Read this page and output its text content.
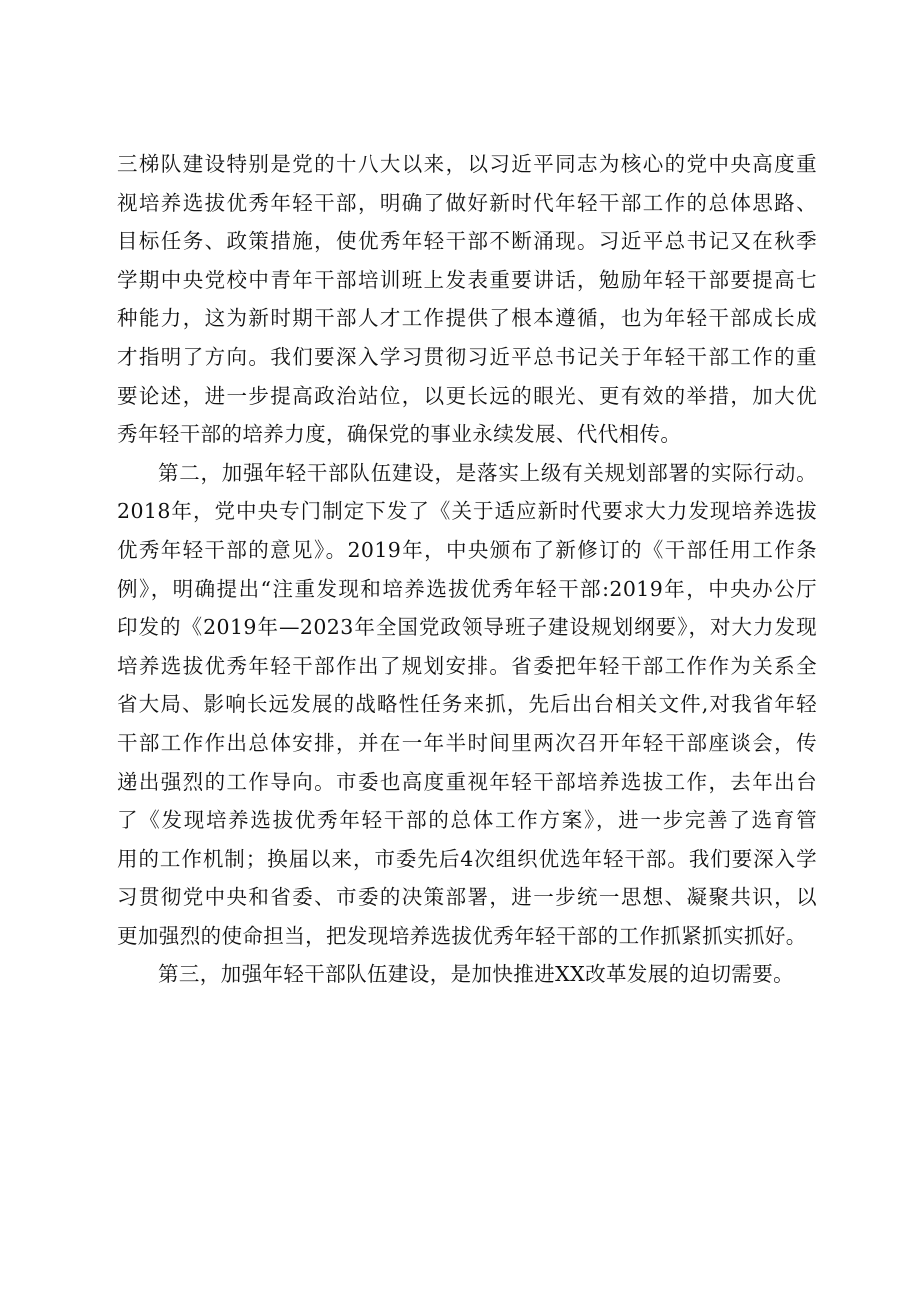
三梯队建设特别是党的十八大以来，以习近平同志为核心的党中央高度重
视培养选拔优秀年轻干部，明确了做好新时代年轻干部工作的总体思路、
目标任务、政策措施，使优秀年轻干部不断涌现。习近平总书记又在秋季
学期中央党校中青年干部培训班上发表重要讲话，勉励年轻干部要提高七
种能力，这为新时期干部人才工作提供了根本遵循，也为年轻干部成长成
才指明了方向。我们要深入学习贯彻习近平总书记关于年轻干部工作的重
要论述，进一步提高政治站位，以更长远的眼光、更有效的举措，加大优
秀年轻干部的培养力度，确保党的事业永续发展、代代相传。

第二，加强年轻干部队伍建设，是落实上级有关规划部署的实际行动。
2018年，党中央专门制定下发了《关于适应新时代要求大力发现培养选拔
优秀年轻干部的意见》。2019年，中央颁布了新修订的《干部任用工作条
例》，明确提出“注重发现和培养选拔优秀年轻干部:2019年，中央办公厅
印发的《2019年—2023年全国党政领导班子建设规划纲要》，对大力发现
培养选拔优秀年轻干部作出了规划安排。省委把年轻干部工作作为关系全
省大局、影响长远发展的战略性任务来抓，先后出台相关文件,对我省年轻
干部工作作出总体安排，并在一年半时间里两次召开年轻干部座谈会，传
递出强烈的工作导向。市委也高度重视年轻干部培养选拔工作，去年出台
了《发现培养选拔优秀年轻干部的总体工作方案》，进一步完善了选育管
用的工作机制；换届以来，市委先后4次组织优选年轻干部。我们要深入学
习贯彻党中央和省委、市委的决策部署，进一步统一思想、凝聚共识，以
更加强烈的使命担当，把发现培养选拔优秀年轻干部的工作抓紧抓实抓好。

第三，加强年轻干部队伍建设，是加快推进XX改革发展的迫切需要。
